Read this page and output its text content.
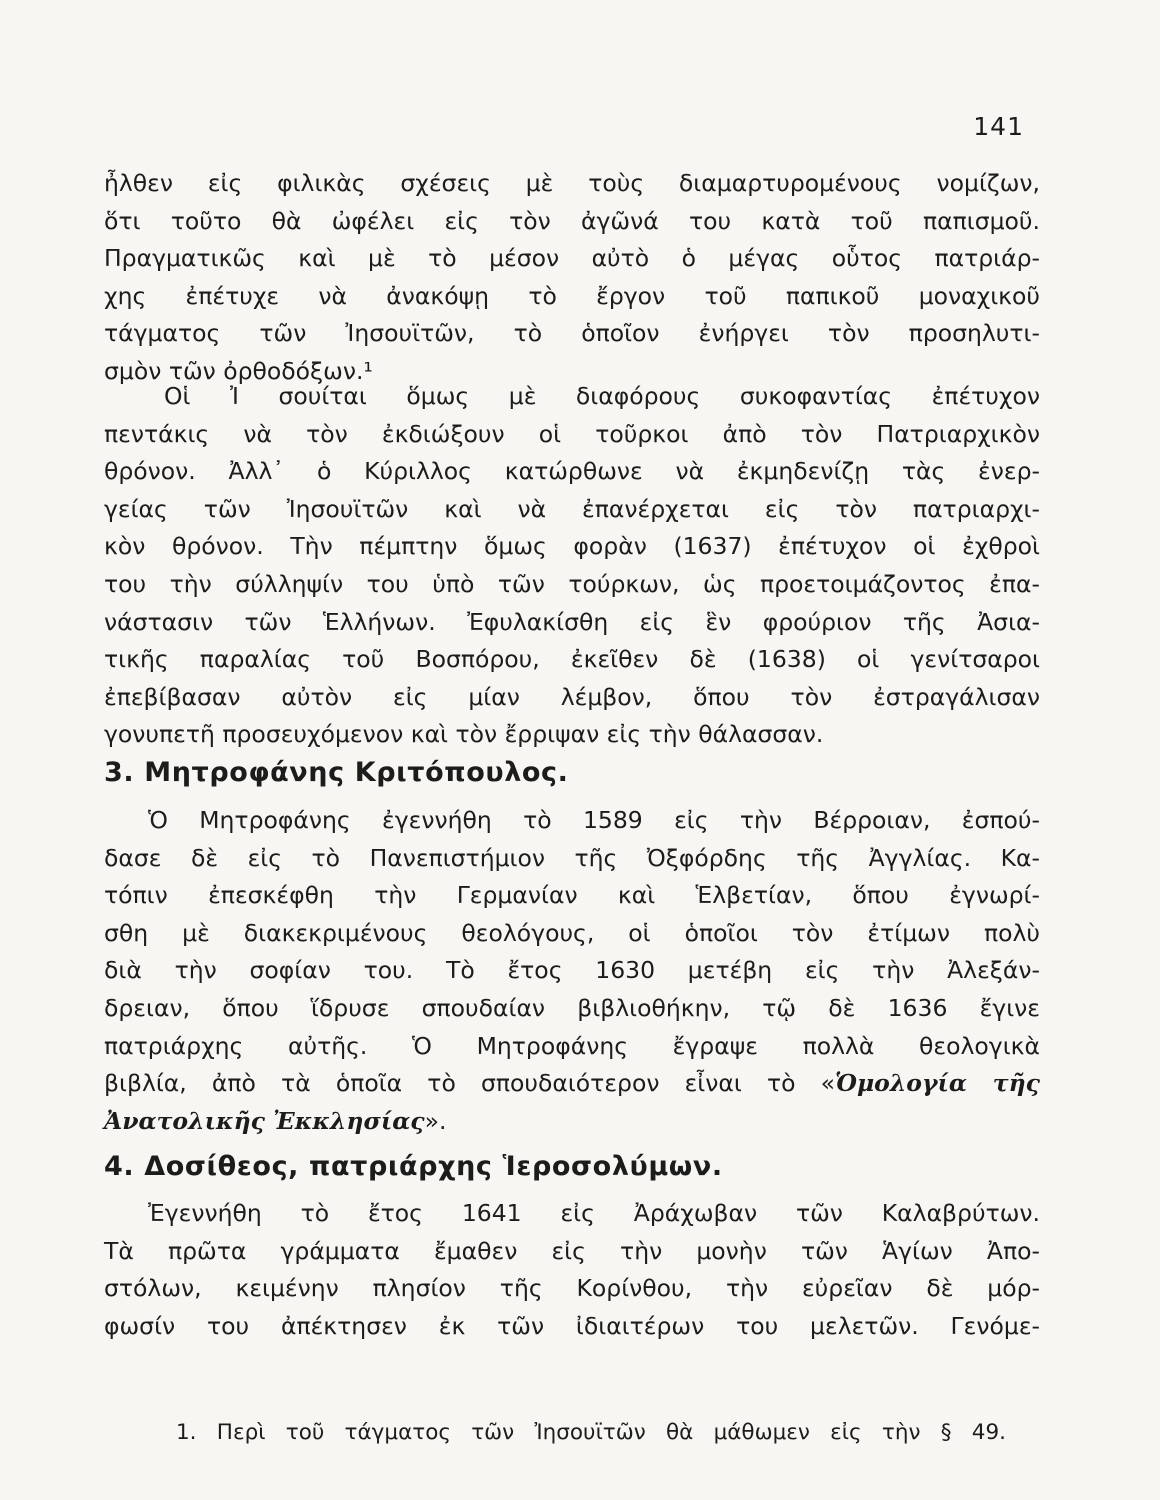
141
ἦλθεν εἰς φιλικὰς σχέσεις μὲ τοὺς διαμαρτυρομένους νομίζων,
ὅτι τοῦτο θὰ ὠφέλει εἰς τὸν ἀγῶνά του κατὰ τοῦ παπισμοῦ.
Πραγματικῶς καὶ μὲ τὸ μέσον αὐτὸ ὁ μέγας οὗτος πατριάρ-
χης ἐπέτυχε νὰ ἀνακόψῃ τὸ ἔργον τοῦ παπικοῦ μοναχικοῦ
τάγματος τῶν Ἰησουϊτῶν, τὸ ὁποῖον ἐνήργει τὸν προσηλυτι-
σμὸν τῶν ὀρθοδόξων.¹
Οἱ Ἰ σουίται ὅμως μὲ διαφόρους συκοφαντίας ἐπέτυχον
πεντάκις νὰ τὸν ἐκδιώξουν οἱ τοῦρκοι ἀπὸ τὸν Πατριαρχικὸν
θρόνον. Ἀλλ᾿ ὁ Κύριλλος κατώρθωνε νὰ ἐκμηδενίζῃ τὰς ἐνερ-
γείας τῶν Ἰησουϊτῶν καὶ νὰ ἐπανέρχεται εἰς τὸν πατριαρχι-
κὸν θρόνον. Τὴν πέμπτην ὅμως φορὰν (1637) ἐπέτυχον οἱ ἐχθροὶ
του τὴν σύλληψίν του ὑπὸ τῶν τούρκων, ὡς προετοιμάζοντος ἐπα-
νάστασιν τῶν Ἑλλήνων. Ἐφυλακίσθη εἰς ἓν φρούριον τῆς Ἀσια-
τικῆς παραλίας τοῦ Βοσπόρου, ἐκεῖθεν δὲ (1638) οἱ γενίτσαροι
ἐπεβίβασαν αὐτὸν εἰς μίαν λέμβον, ὅπου τὸν ἐστραγάλισαν
γονυπετῆ προσευχόμενον καὶ τὸν ἔρριψαν εἰς τὴν θάλασσαν.
3. Μητροφάνης Κριτόπουλος.
Ὁ Μητροφάνης ἐγεννήθη τὸ 1589 εἰς τὴν Βέρροιαν, ἐσπού-
δασε δὲ εἰς τὸ Πανεπιστήμιον τῆς Ὀξφόρδης τῆς Ἀγγλίας. Κα-
τόπιν ἐπεσκέφθη τὴν Γερμανίαν καὶ Ἑλβετίαν, ὅπου ἐγνωρί-
σθη μὲ διακεκριμένους θεολόγους, οἱ ὁποῖοι τὸν ἐτίμων πολὺ
διὰ τὴν σοφίαν του. Τὸ ἔτος 1630 μετέβη εἰς τὴν Ἀλεξάν-
δρειαν, ὅπου ἵδρυσε σπουδαίαν βιβλιοθήκην, τῷ δὲ 1636 ἔγινε
πατριάρχης αὐτῆς. Ὁ Μητροφάνης ἔγραψε πολλὰ θεολογικὰ
βιβλία, ἀπὸ τὰ ὁποῖα τὸ σπουδαιότερον εἶναι τὸ «Ὁμολογία τῆς
Ἀνατολικῆς Ἐκκλησίας».
4. Δοσίθεος, πατριάρχης Ἱεροσολύμων.
Ἐγεννήθη τὸ ἔτος 1641 εἰς Ἀράχωβαν τῶν Καλαβρύτων.
Τὰ πρῶτα γράμματα ἔμαθεν εἰς τὴν μονὴν τῶν Ἁγίων Ἀπο-
στόλων, κειμένην πλησίον τῆς Κορίνθου, τὴν εὐρεῖαν δὲ μόρ-
φωσίν του ἀπέκτησεν ἐκ τῶν ἰδιαιτέρων του μελετῶν. Γενόμε-
1. Περὶ τοῦ τάγματος τῶν Ἰησουϊτῶν θὰ μάθωμεν εἰς τὴν § 49.
